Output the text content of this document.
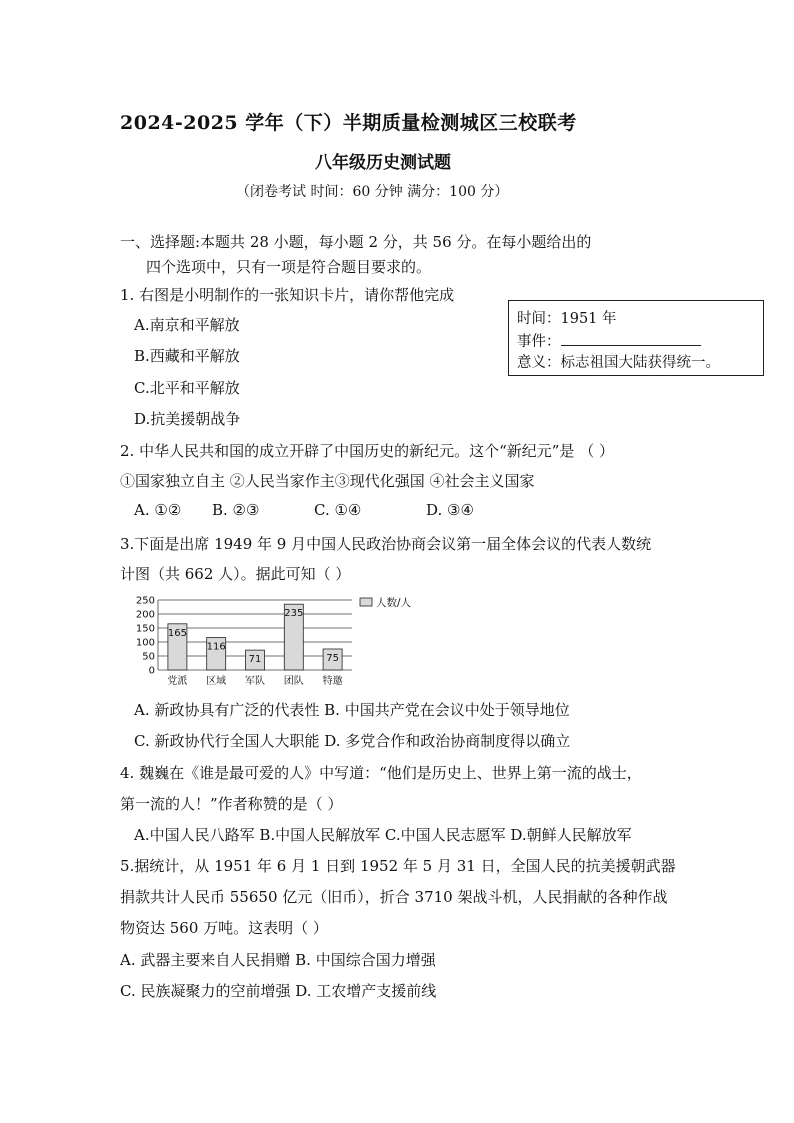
2024-2025 学年（下）半期质量检测城区三校联考
八年级历史测试题
（闭卷考试 时间：60 分钟 满分：100 分）
一、选择题:本题共 28 小题，每小题 2 分，共 56 分。在每小题给出的
四个选项中，只有一项是符合题目要求的。
1. 右图是小明制作的一张知识卡片，请你帮他完成
A.南京和平解放
B.西藏和平解放
C.北平和平解放
D.抗美援朝战争
时间：1951 年
事件：
意义：标志祖国大陆获得统一。
2. 中华人民共和国的成立开辟了中国历史的新纪元。这个“新纪元”是 （ ）
①国家独立自主 ②人民当家作主③现代化强国 ④社会主义国家
A. ①② B. ②③	C. ①④	D. ③④
3.下面是出席 1949 年 9 月中国人民政治协商会议第一届全体会议的代表人数统
计图（共 662 人）。据此可知（ ）
250
200
150
100
50
0
165
116
71
235
75
党派 区域 军队 团队 特邀
人数/人
A. 新政协具有广泛的代表性 B. 中国共产党在会议中处于领导地位
C. 新政协代行全国人大职能 D. 多党合作和政治协商制度得以确立
4. 魏巍在《谁是最可爱的人》中写道：“他们是历史上、世界上第一流的战士，
第一流的人！”作者称赞的是（ ）
A.中国人民八路军 B.中国人民解放军 C.中国人民志愿军 D.朝鲜人民解放军
5.据统计，从 1951 年 6 月 1 日到 1952 年 5 月 31 日，全国人民的抗美援朝武器
捐款共计人民币 55650 亿元（旧币），折合 3710 架战斗机，人民捐献的各种作战
物资达 560 万吨。这表明（ ）
A. 武器主要来自人民捐赠 B. 中国综合国力增强
C. 民族凝聚力的空前增强 D. 工农增产支援前线
